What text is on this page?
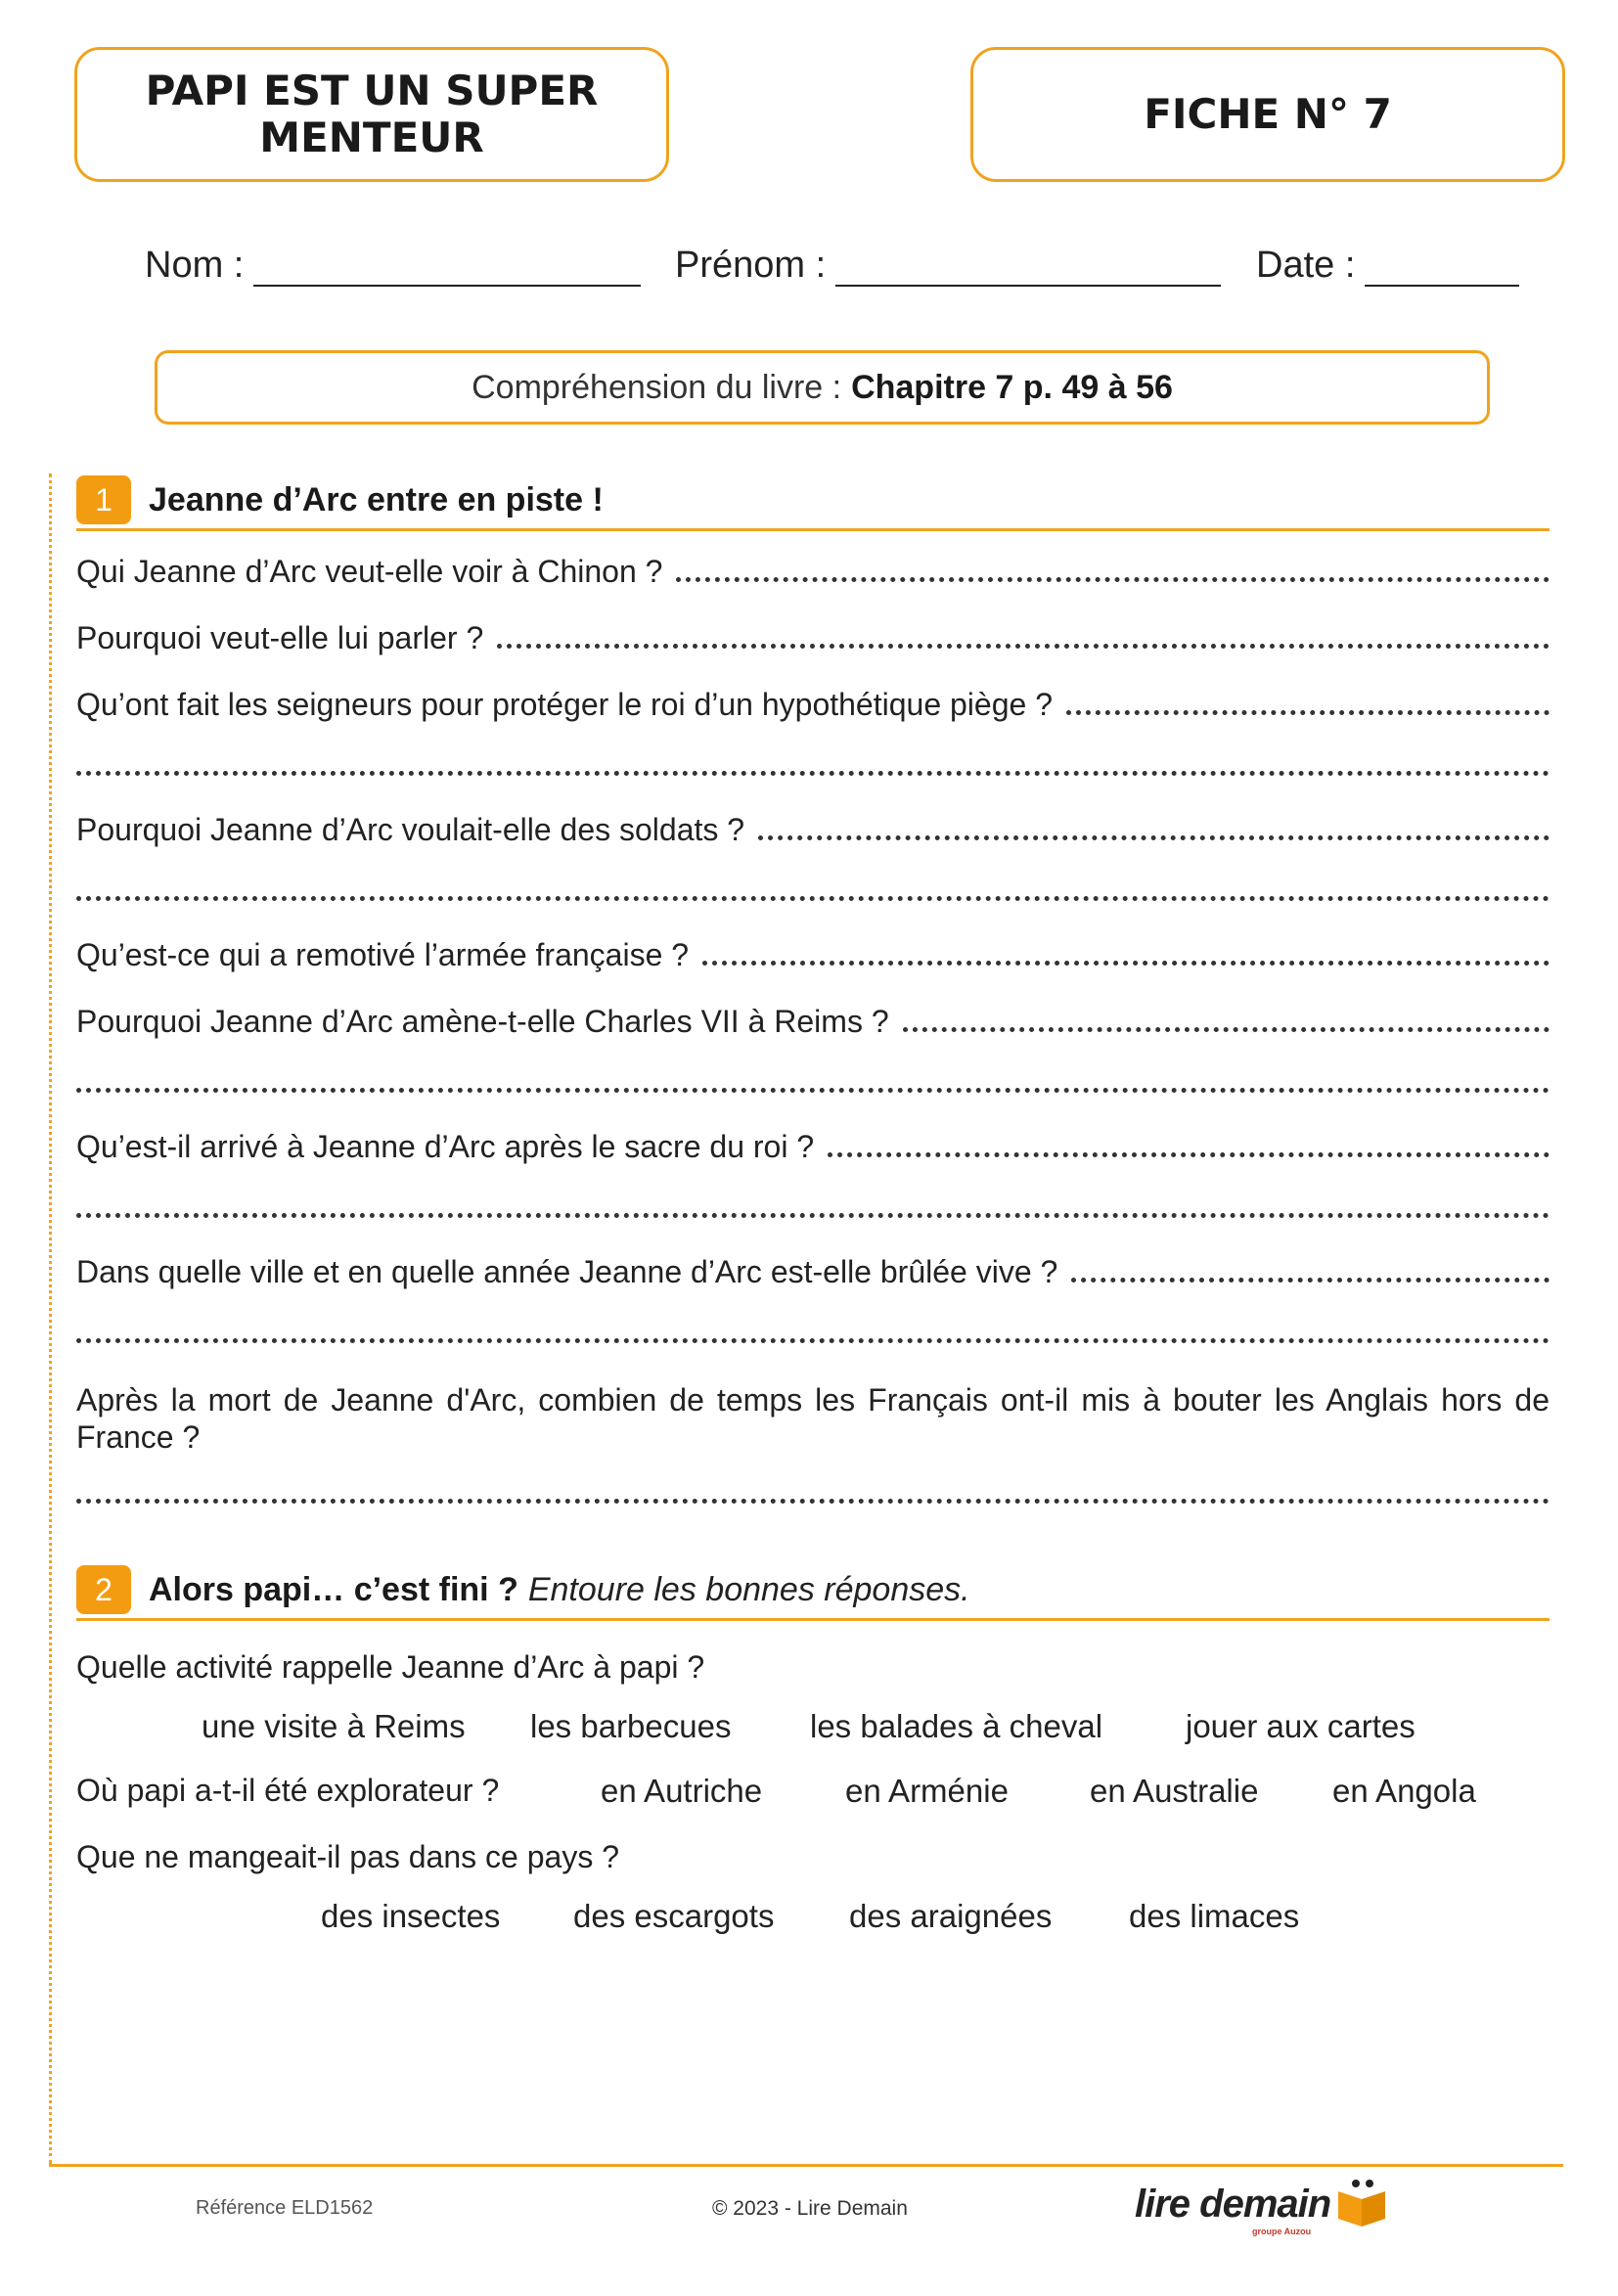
PAPI EST UN SUPER
MENTEUR	FICHE N° 7
Nom :	Prénom :	Date :
Compréhension du livre : Chapitre 7 p. 49 à 56
1	Jeanne d’Arc entre en piste !
Qui Jeanne d’Arc veut-elle voir à Chinon ?
Pourquoi veut-elle lui parler ?
Qu’ont fait les seigneurs pour protéger le roi d’un hypothétique piège ?
Pourquoi Jeanne d’Arc voulait-elle des soldats ?
Qu’est-ce qui a remotivé l’armée française ?
Pourquoi Jeanne d’Arc amène-t-elle Charles VII à Reims ?
Qu’est-il arrivé à Jeanne d’Arc après le sacre du roi ?
Dans quelle ville et en quelle année Jeanne d’Arc est-elle brûlée vive ?
Après la mort de Jeanne d'Arc, combien de temps les Français ont-il mis à bouter les Anglais hors de France ?
2	Alors papi… c’est fini ? Entoure les bonnes réponses.
Quelle activité rappelle Jeanne d’Arc à papi ?
une visite à Reims les barbecues les balades à cheval	jouer aux cartes
Où papi a-t-il été explorateur ?	en Autriche	en Arménie	en Australie en Angola
Que ne mangeait-il pas dans ce pays ?
des insectes des escargots des araignées des limaces
Référence ELD1562	© 2023 - Lire Demain	lire demain
groupe Auzou
